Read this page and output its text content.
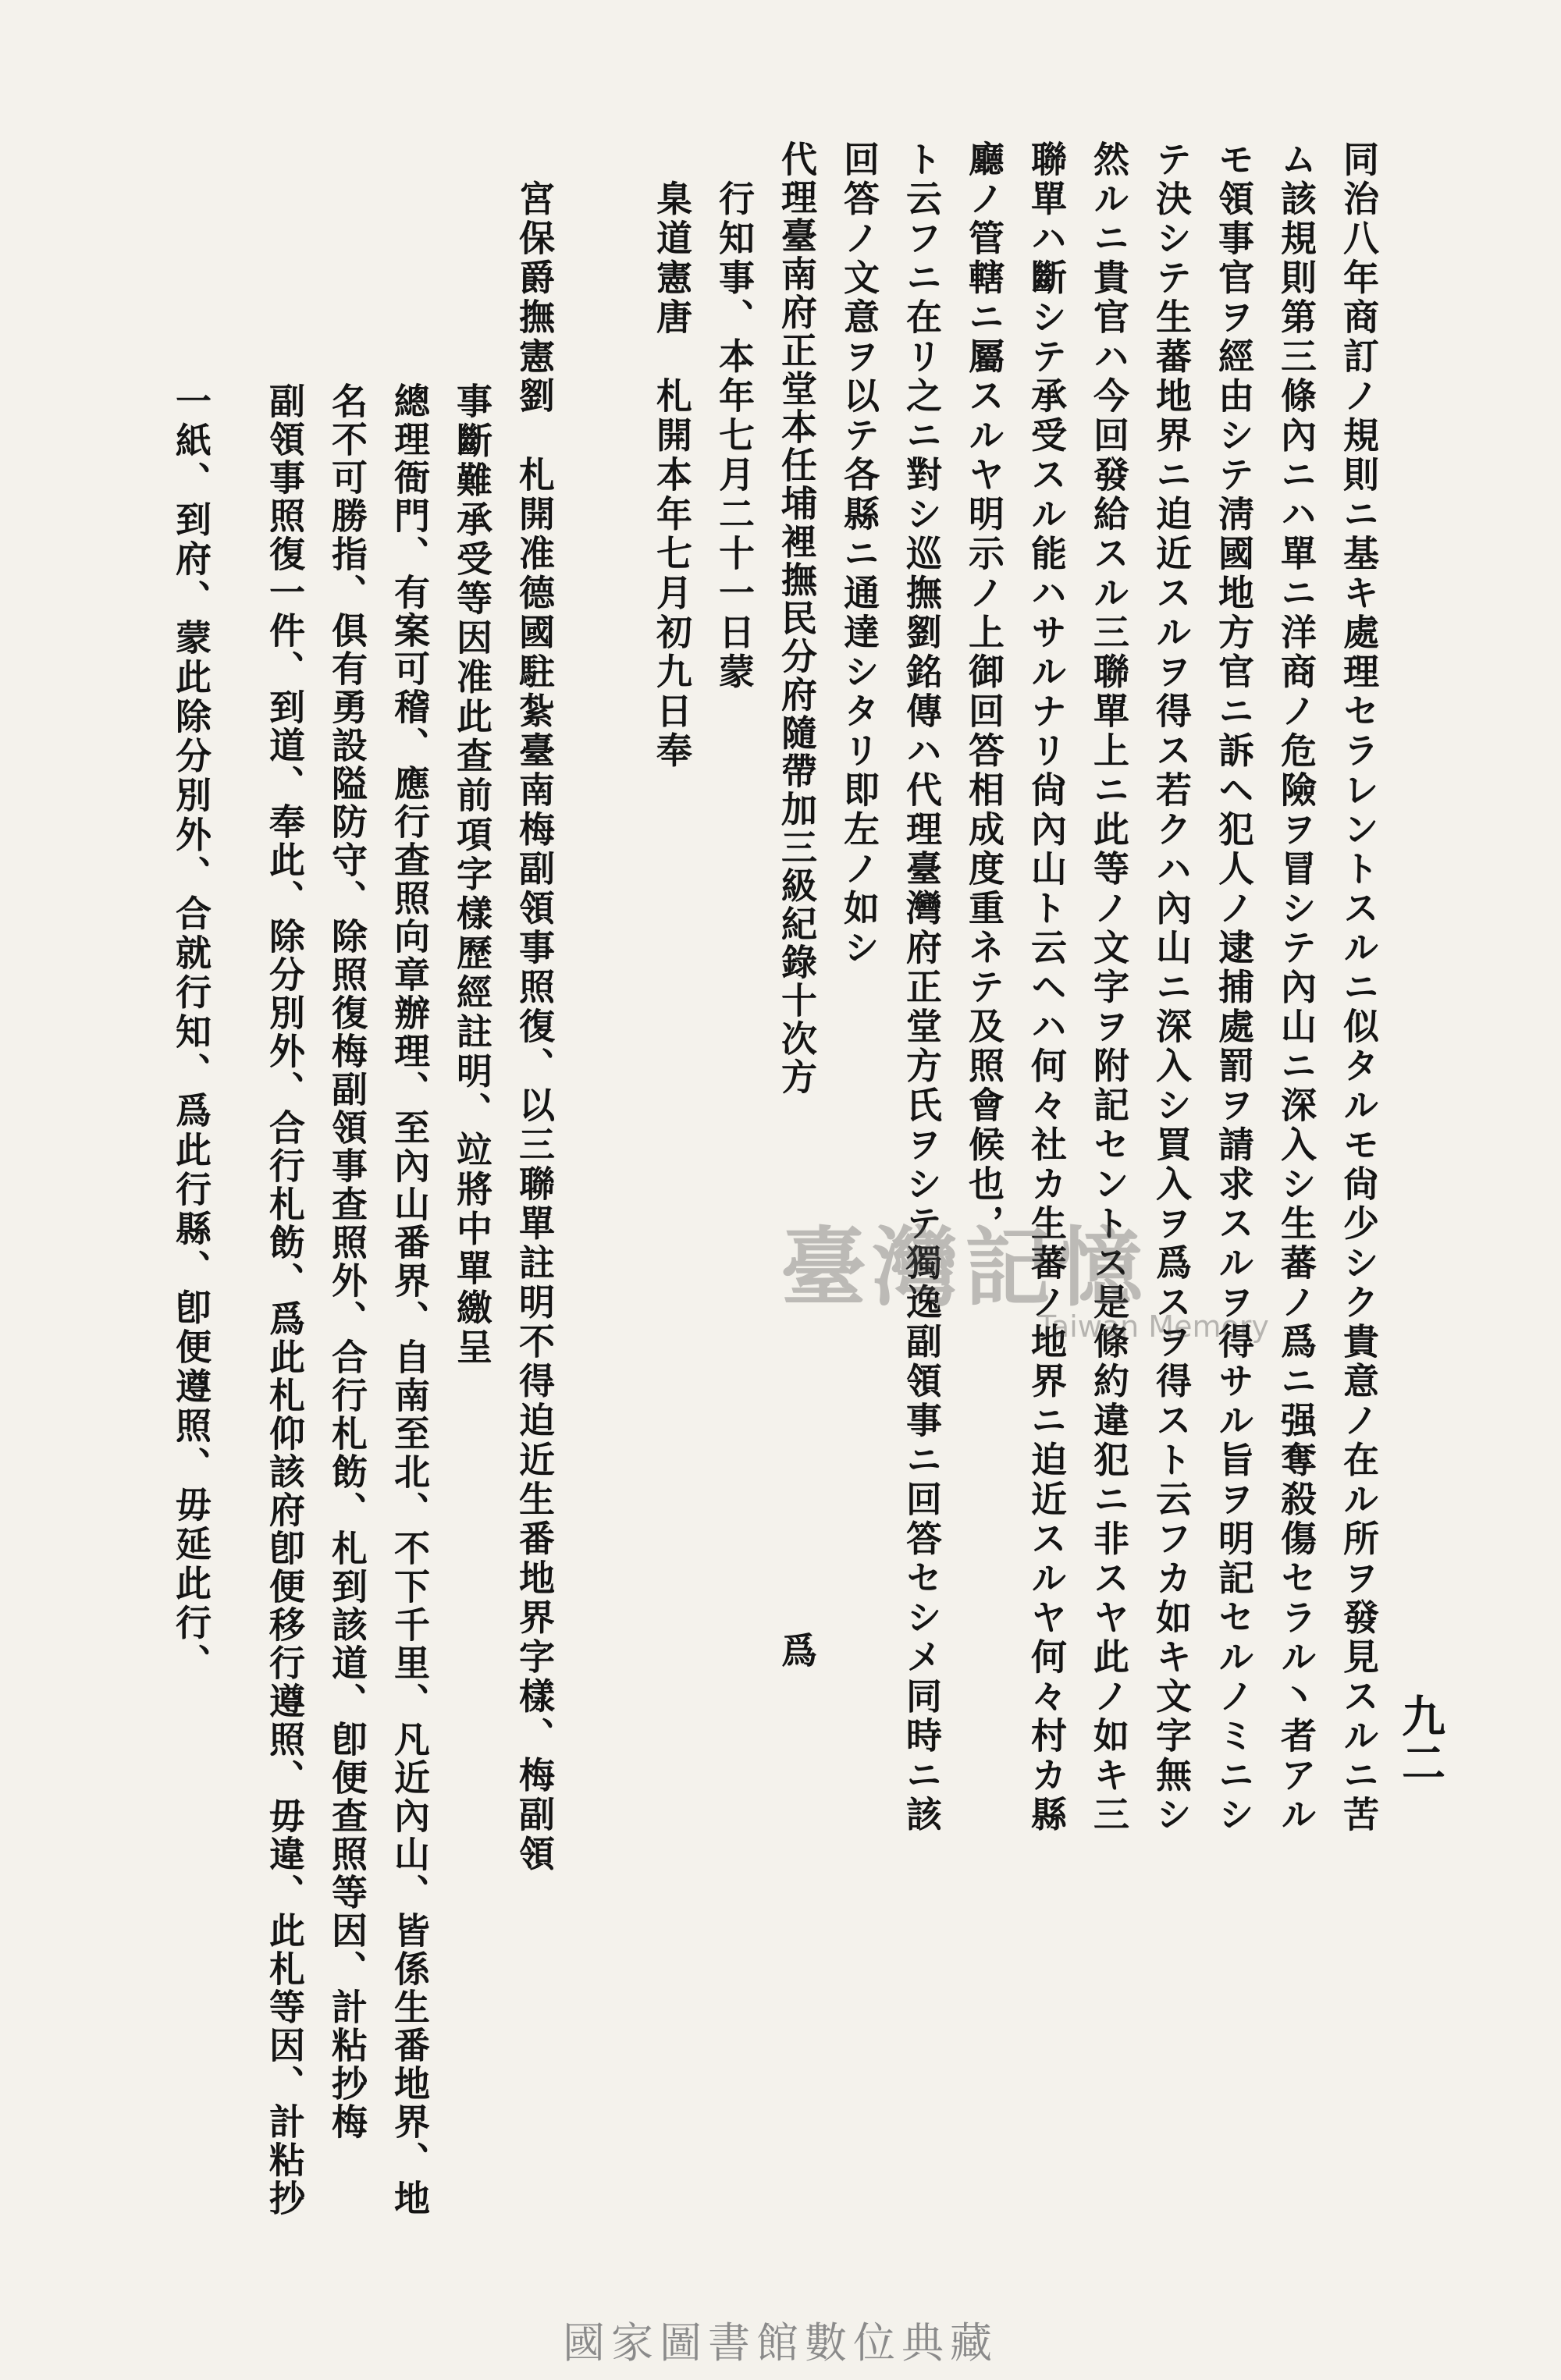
九二
同治八年商訂ノ規則ニ基キ處理セラレントスルニ似タルモ尙少シク貴意ノ在ル所ヲ發見スルニ苦
ム該規則第三條內ニハ單ニ洋商ノ危險ヲ冒シテ內山ニ深入シ生蕃ノ爲ニ强奪殺傷セラル丶者アル
モ領事官ヲ經由シテ淸國地方官ニ訴ヘ犯人ノ逮捕處罰ヲ請求スルヲ得サル旨ヲ明記セルノミニシ
テ決シテ生蕃地界ニ迫近スルヲ得ス若クハ內山ニ深入シ買入ヲ爲スヲ得スト云フカ如キ文字無シ
然ルニ貴官ハ今回發給スル三聯單上ニ此等ノ文字ヲ附記セントス是條約違犯ニ非スヤ此ノ如キ三
聯單ハ斷シテ承受スル能ハサルナリ尙內山ト云ヘハ何々社カ生蕃ノ地界ニ迫近スルヤ何々村カ縣
廳ノ管轄ニ屬スルヤ明示ノ上御回答相成度重ネテ及照會候也，
ト云フニ在リ之ニ對シ巡撫劉銘傳ハ代理臺灣府正堂方氏ヲシテ獨逸副領事ニ回答セシメ同時ニ該
回答ノ文意ヲ以テ各縣ニ通達シタリ即左ノ如シ
代理臺南府正堂本任埔裡撫民分府隨帶加三級紀錄十次方　　　　　　　　　　　　　　爲
　行知事、本年七月二十一日蒙
　臬道憲唐　札開本年七月初九日奉
　宮保爵撫憲劉　札開准德國駐紮臺南梅副領事照復、以三聯單註明不得迫近生番地界字樣、梅副領
事斷難承受等因准此查前項字樣歷經註明、竝將中單繳呈
總理衙門、有案可稽、應行查照向章辦理、至內山番界、自南至北、不下千里、凡近內山、皆係生番地界、地
名不可勝指、俱有勇設隘防守、除照復梅副領事查照外、合行札飭、札到該道、卽便查照等因、計粘抄梅
副領事照復一件、到道、奉此、除分別外、合行札飭、爲此札仰該府卽便移行遵照、毋違、此札等因、計粘抄
一紙、到府、蒙此除分別外、合就行知、爲此行縣、卽便遵照、毋延此行、	臺灣記憶
Taiwan Memory
國家圖書館數位典藏
